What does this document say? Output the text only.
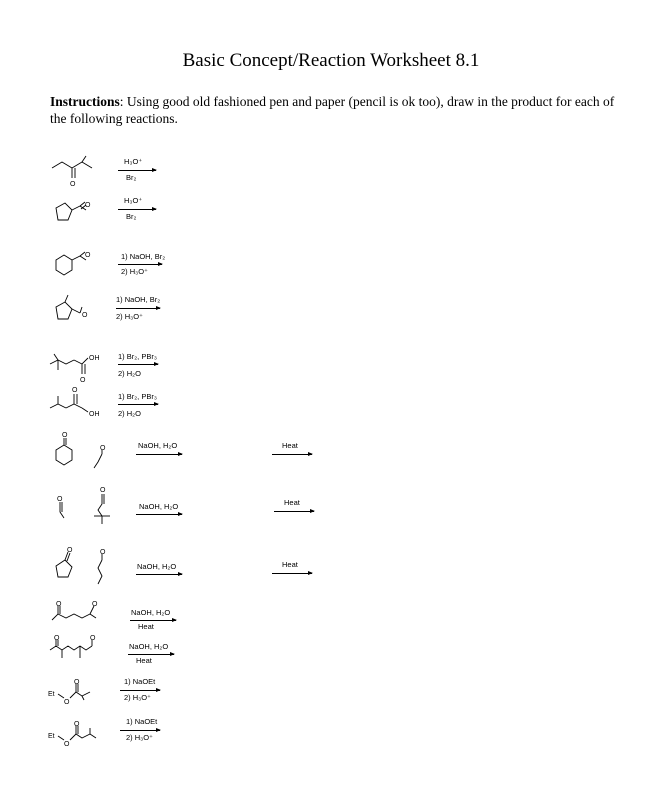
Basic Concept/Reaction Worksheet 8.1
Instructions: Using good old fashioned pen and paper (pencil is ok too), draw in the product for each of the following reactions.
O
H₃O⁺
Br₂
O
H₃O⁺
Br₂
O	1) NaOH, Br₂
2) H₃O⁺
O
1) NaOH, Br₂
2) H₃O⁺
OH
O
1) Br₂, PBr₃
2) H₂O
O
OH
1) Br₂, PBr₃
2) H₂O
O
O	NaOH, H₂O	Heat
O
O
NaOH, H₂O	Heat
O	O
NaOH, H₂O	Heat
O	O
NaOH, H₂O
Heat
O	O
NaOH, H₂O
Heat
Et
O
O	1) NaOEt
2) H₃O⁺
Et
O
O	1) NaOEt
2) H₃O⁺
